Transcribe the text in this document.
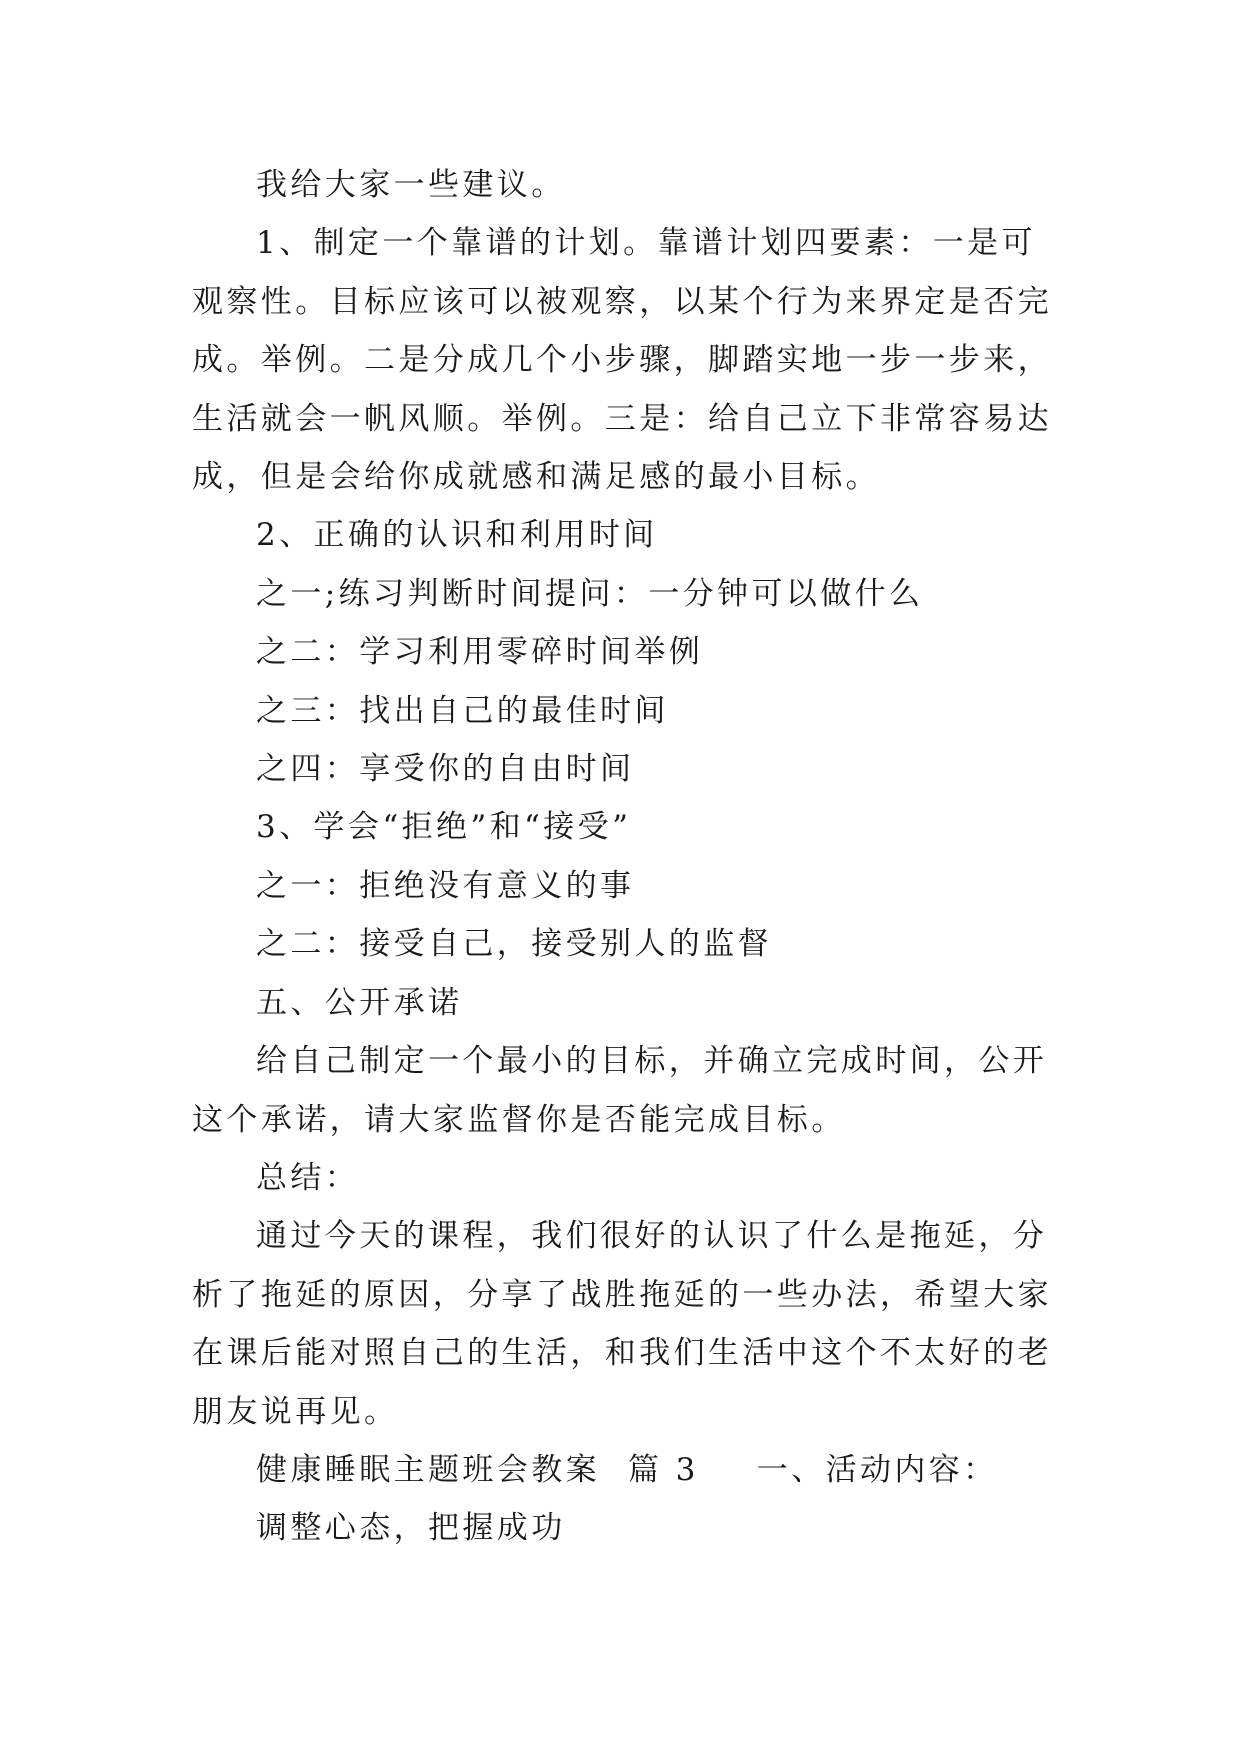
我给大家一些建议。

1、制定一个靠谱的计划。靠谱计划四要素：一是可观察性。目标应该可以被观察，以某个行为来界定是否完成。举例。二是分成几个小步骤，脚踏实地一步一步来，生活就会一帆风顺。举例。三是：给自己立下非常容易达成，但是会给你成就感和满足感的最小目标。

2、正确的认识和利用时间

之一;练习判断时间提问：一分钟可以做什么

之二：学习利用零碎时间举例

之三：找出自己的最佳时间

之四：享受你的自由时间

3、学会“拒绝”和“接受”

之一：拒绝没有意义的事

之二：接受自己，接受别人的监督

五、公开承诺

给自己制定一个最小的目标，并确立完成时间，公开这个承诺，请大家监督你是否能完成目标。

总结：

通过今天的课程，我们很好的认识了什么是拖延，分析了拖延的原因，分享了战胜拖延的一些办法，希望大家在课后能对照自己的生活，和我们生活中这个不太好的老朋友说再见。

健康睡眠主题班会教案 篇 3 一、活动内容：

调整心态，把握成功
